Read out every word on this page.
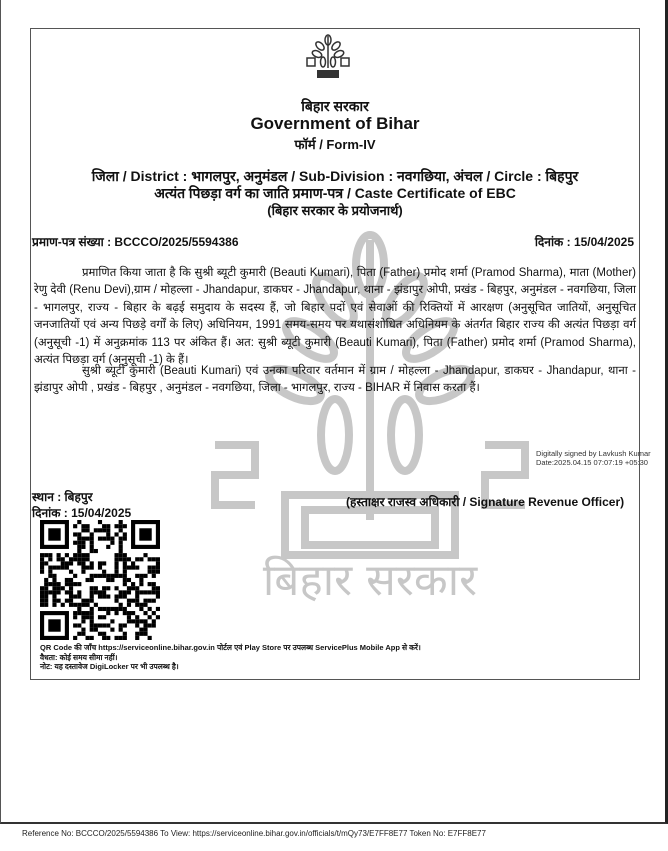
बिहार सरकार
बिहार सरकार
Government of Bihar
फॉर्म / Form-IV
जिला / District : भागलपुर, अनुमंडल / Sub-Division : नवगछिया, अंचल / Circle : बिहपुर
अत्यंत पिछड़ा वर्ग का जाति प्रमाण-पत्र / Caste Certificate of EBC
(बिहार सरकार के प्रयोजनार्थ)
प्रमाण-पत्र संख्या : BCCCO/2025/5594386	दिनांक : 15/04/2025
प्रमाणित किया जाता है कि सुश्री ब्यूटी कुमारी (Beauti Kumari), पिता (Father) प्रमोद शर्मा (Pramod Sharma), माता (Mother) रेणु देवी (Renu Devi),ग्राम / मोहल्ला - Jhandapur, डाकघर - Jhandapur, थाना - झंडापुर ओपी, प्रखंड - बिहपुर, अनुमंडल - नवगछिया, जिला - भागलपुर, राज्य - बिहार के बढ़ई समुदाय के सदस्य हैं, जो बिहार पदों एवं सेवाओं की रिक्तियों में आरक्षण (अनुसूचित जातियों, अनुसूचित जनजातियों एवं अन्य पिछड़े वर्गों के लिए) अधिनियम, 1991 समय-समय पर यथासंशोधित अधिनियम के अंतर्गत बिहार राज्य की अत्यंत पिछड़ा वर्ग (अनुसूची -1) में अनुक्रमांक 113 पर अंकित हैं। अत: सुश्री ब्यूटी कुमारी (Beauti Kumari), पिता (Father) प्रमोद शर्मा (Pramod Sharma), अत्यंत पिछड़ा वर्ग (अनुसूची -1) के हैं।
सुश्री ब्यूटी कुमारी (Beauti Kumari) एवं उनका परिवार वर्तमान में ग्राम / मोहल्ला - Jhandapur, डाकघर - Jhandapur, थाना - झंडापुर ओपी , प्रखंड - बिहपुर , अनुमंडल - नवगछिया, जिला - भागलपुर, राज्य - BIHAR में निवास करता हैं।
Digitally signed by Lavkush Kumar
Date:2025.04.15 07:07:19 +05:30
स्थान : बिहपुर
दिनांक : 15/04/2025
(हस्ताक्षर राजस्व अधिकारी / Signature Revenue Officer)
QR Code की जाँच https://serviceonline.bihar.gov.in पोर्टल एवं Play Store पर उपलब्ध ServicePlus Mobile App से करें।
वैधता: कोई समय सीमा नहीं।
नोट: यह दस्तावेज DigiLocker पर भी उपलब्ध है।
Reference No: BCCCO/2025/5594386 To View: https://serviceonline.bihar.gov.in/officials/t/mQy73/E7FF8E77 Token No: E7FF8E77
